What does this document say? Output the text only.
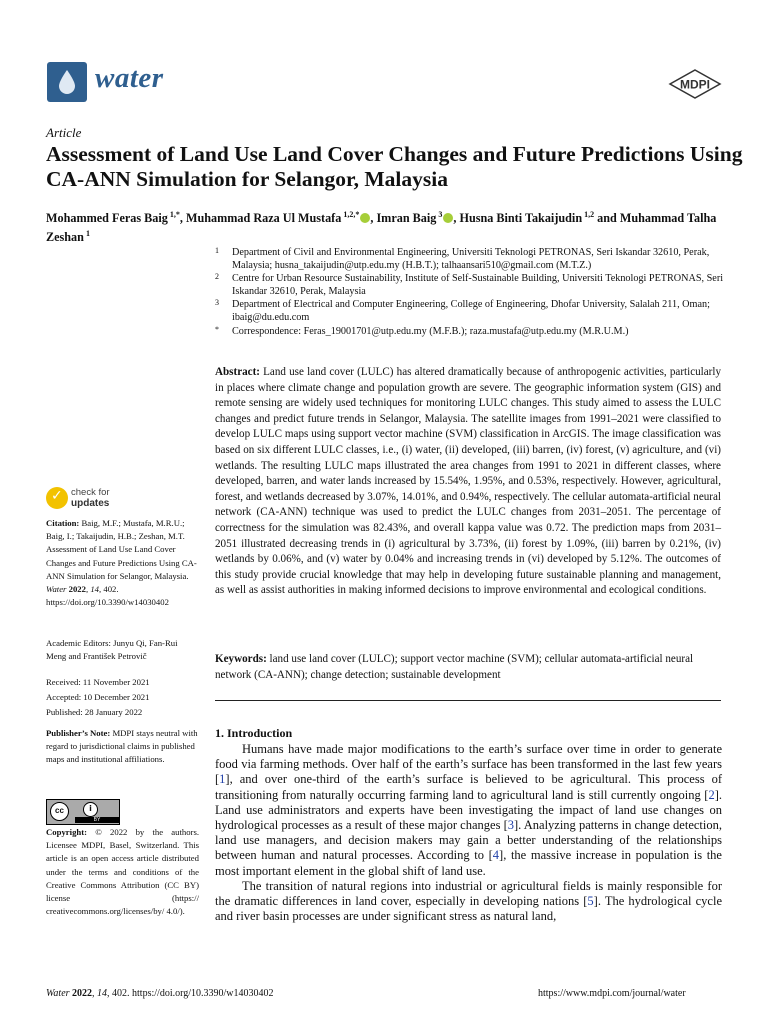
water	MDPI
Article
Assessment of Land Use Land Cover Changes and Future Predictions Using CA-ANN Simulation for Selangor, Malaysia
Mohammed Feras Baig $^{1,*}$, Muhammad Raza Ul Mustafa $^{1,2,*}$ , Imran Baig $^3$ , Husna Binti Takaijudin $^{1,2}$ and Muhammad Talha Zeshan $^1$
1 Department of Civil and Environmental Engineering, Universiti Teknologi PETRONAS, Seri Iskandar 32610, Perak, Malaysia; husna_takaijudin@utp.edu.my (H.B.T.); talhaansari510@gmail.com (M.T.Z.)
2 Centre for Urban Resource Sustainability, Institute of Self-Sustainable Building, Universiti Teknologi PETRONAS, Seri Iskandar 32610, Perak, Malaysia
3 Department of Electrical and Computer Engineering, College of Engineering, Dhofar University, Salalah 211, Oman; ibaig@du.edu.com
* Correspondence: Feras_19001701@utp.edu.my (M.F.B.); raza.mustafa@utp.edu.my (M.R.U.M.)
Abstract: Land use land cover (LULC) has altered dramatically because of anthropogenic activities, particularly in places where climate change and population growth are severe. The geographic information system (GIS) and remote sensing are widely used techniques for monitoring LULC changes. This study aimed to assess the LULC changes and predict future trends in Selangor, Malaysia. The satellite images from 1991–2021 were classified to develop LULC maps using support vector machine (SVM) classification in ArcGIS. The image classification was based on six different LULC classes, i.e., (i) water, (ii) developed, (iii) barren, (iv) forest, (v) agriculture, and (vi) wetlands. The resulting LULC maps illustrated the area changes from 1991 to 2021 in different classes, where developed, barren, and water lands increased by 15.54%, 1.95%, and 0.53%, respectively. However, agricultural, forest, and wetlands decreased by 3.07%, 14.01%, and 0.94%, respectively. The cellular automata-artificial neural network (CA-ANN) technique was used to predict the LULC changes from 2031–2051. The percentage of correctness for the simulation was 82.43%, and overall kappa value was 0.72. The prediction maps from 2031–2051 illustrated decreasing trends in (i) agricultural by 3.73%, (ii) forest by 1.09%, (iii) barren by 0.21%, (iv) wetlands by 0.06%, and (v) water by 0.04% and increasing trends in (vi) developed by 5.12%. The outcomes of this study provide crucial knowledge that may help in developing future sustainable planning and management, as well as assist authorities in making informed decisions to improve environmental and ecological conditions.
Keywords: land use land cover (LULC); support vector machine (SVM); cellular automata-artificial neural network (CA-ANN); change detection; sustainable development
1. Introduction

Humans have made major modifications to the earth’s surface over time in order to generate food via farming methods. Over half of the earth’s surface has been transformed in the last few years [1], and over one-third of the earth’s surface is believed to be agricultural. This process of transitioning from naturally occurring farming land to agricultural land is still currently ongoing [2]. Land use administrators and experts have been investigating the impact of land use changes on hydrological processes as a result of these major changes [3]. Analyzing patterns in change detection, land use managers, and decision makers may gain a better understanding of the relationships between human and natural processes. According to [4], the massive increase in population is the most important element in the global shift of land use.

The transition of natural regions into industrial or agricultural fields is mainly responsible for the dramatic differences in land cover, especially in developing nations [5]. The hydrological cycle and river basin processes are under significant stress as natural land,

✓ check for
updates
Citation: Baig, M.F.; Mustafa, M.R.U.; Baig, I.; Takaijudin, H.B.; Zeshan, M.T. Assessment of Land Use Land Cover Changes and Future Predictions Using CA-ANN Simulation for Selangor, Malaysia. Water 2022, 14, 402. https://doi.org/10.3390/w14030402
Academic Editors: Junyu Qi, Fan-Rui Meng and František Petrovič
Received: 11 November 2021
Accepted: 10 December 2021
Published: 28 January 2022
Publisher’s Note: MDPI stays neutral with regard to jurisdictional claims in published maps and institutional affiliations.
cc	i
BY
Copyright: © 2022 by the authors. Licensee MDPI, Basel, Switzerland. This article is an open access article distributed under the terms and conditions of the Creative Commons Attribution (CC BY) license (https:// creativecommons.org/licenses/by/ 4.0/).
Water 2022, 14, 402. https://doi.org/10.3390/w14030402	https://www.mdpi.com/journal/water
